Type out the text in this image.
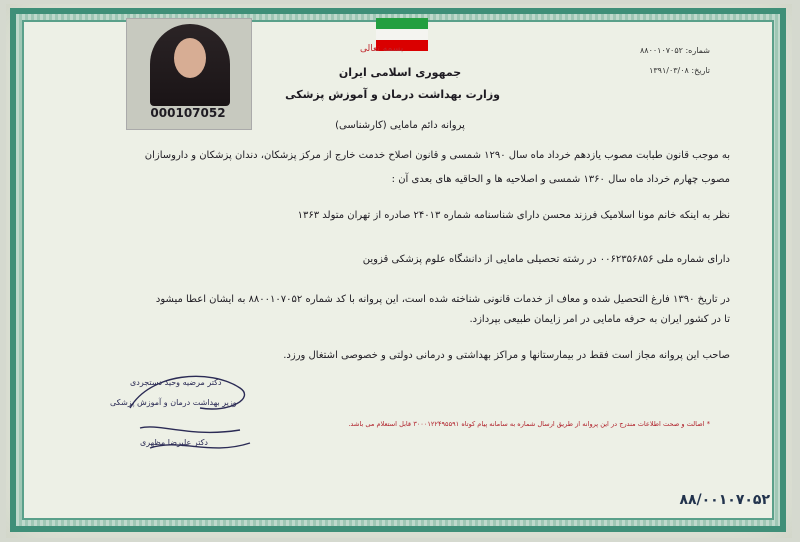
000107052
بسمه تعالی
جمهوری اسلامی ایران
وزارت بهداشت درمان و آموزش پزشکی
پروانه دائم مامایی (کارشناسی)
شماره: ۸۸۰۰۱۰۷۰۵۲
تاریخ: ۱۳۹۱/۰۳/۰۸
به موجب قانون طبابت مصوب یازدهم خرداد ماه سال ۱۲۹۰ شمسی و قانون اصلاح خدمت خارج از مرکز پزشکان، دندان پزشکان و داروسازان
مصوب چهارم خرداد ماه سال ۱۳۶۰ شمسی و اصلاحیه ها و الحاقیه های بعدی آن :
نظر به اینکه خانم مونا اسلامیک فرزند محسن دارای شناسنامه شماره ۲۴۰۱۳ صادره از تهران متولد ۱۳۶۳
دارای شماره ملی ۰۰۶۲۳۵۶۸۵۶ در رشته تحصیلی مامایی از دانشگاه علوم پزشکی قزوین
در تاریخ ۱۳۹۰ فارغ التحصیل شده و معاف از خدمات قانونی شناخته شده است، این پروانه با کد شماره ۸۸۰۰۱۰۷۰۵۲ به ایشان اعطا میشود
تا در کشور ایران به حرفه مامایی در امر زایمان طبیعی بپردازد.
صاحب این پروانه مجاز است فقط در بیمارستانها و مراکز بهداشتی و درمانی دولتی و خصوصی اشتغال ورزد.
دکتر مرضیه وحید دستجردی
وزیر بهداشت درمان و آموزش پزشکی
دکتر علیرضا مظهری
* اصالت و صحت اطلاعات مندرج در این پروانه از طریق ارسال شماره به سامانه پیام کوتاه ۳۰۰۰۱۲۲۴۹۵۵۹۱ قابل استعلام می باشد.
۸۸/۰۰۱۰۷۰۵۲
